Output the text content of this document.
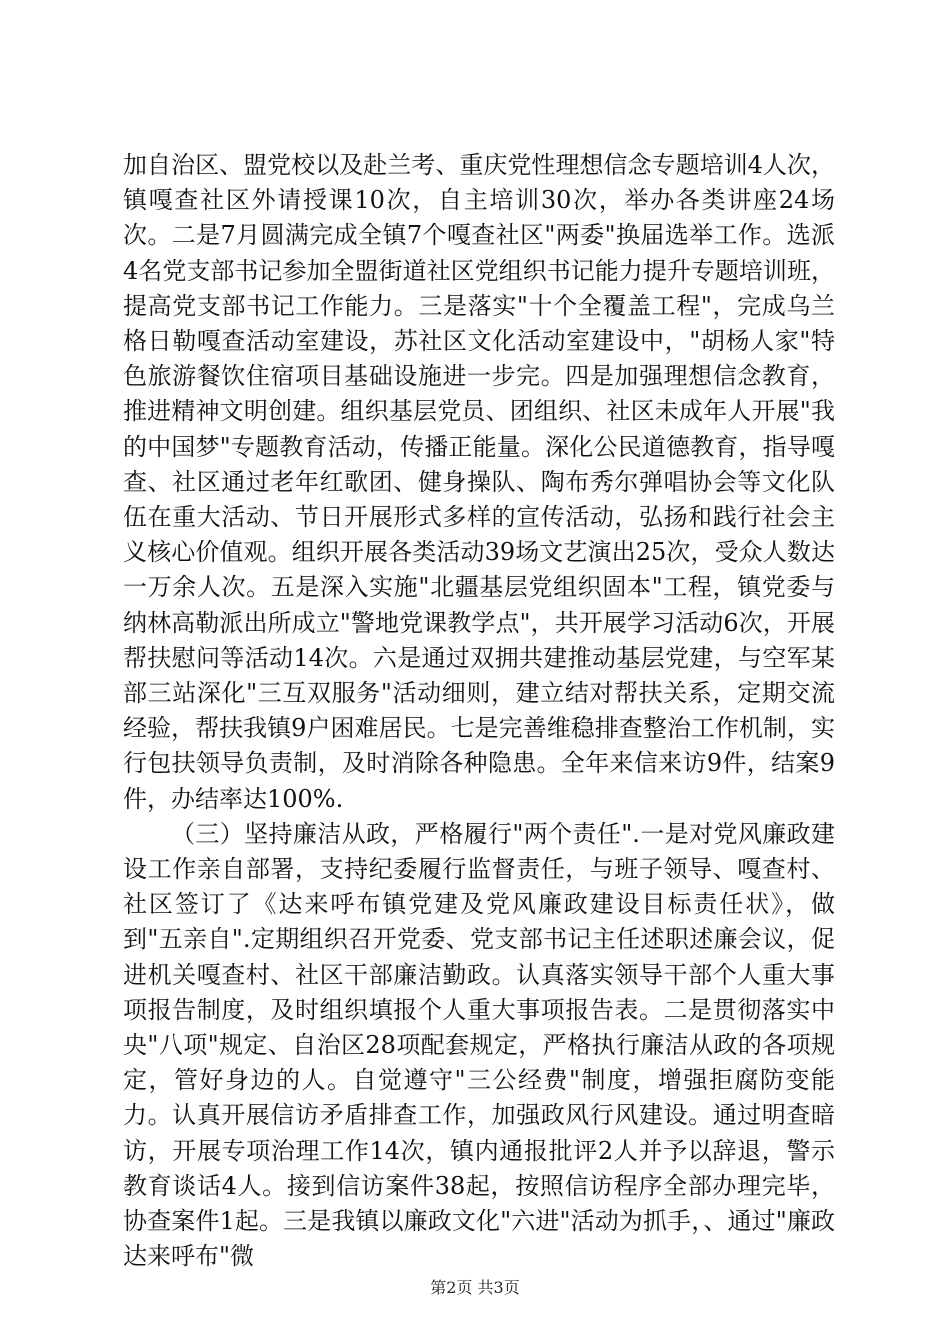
加自治区、盟党校以及赴兰考、重庆党性理想信念专题培训4人次，镇嘎查社区外请授课10次，自主培训30次，举办各类讲座24场次。二是7月圆满完成全镇7个嘎查社区"两委"换届选举工作。选派4名党支部书记参加全盟街道社区党组织书记能力提升专题培训班，提高党支部书记工作能力。三是落实"十个全覆盖工程"，完成乌兰格日勒嘎查活动室建设，苏社区文化活动室建设中，"胡杨人家"特色旅游餐饮住宿项目基础设施进一步完。四是加强理想信念教育，推进精神文明创建。组织基层党员、团组织、社区未成年人开展"我的中国梦"专题教育活动，传播正能量。深化公民道德教育，指导嘎查、社区通过老年红歌团、健身操队、陶布秀尔弹唱协会等文化队伍在重大活动、节日开展形式多样的宣传活动，弘扬和践行社会主义核心价值观。组织开展各类活动39场文艺演出25次，受众人数达一万余人次。五是深入实施"北疆基层党组织固本"工程，镇党委与纳林高勒派出所成立"警地党课教学点"，共开展学习活动6次，开展帮扶慰问等活动14次。六是通过双拥共建推动基层党建，与空军某部三站深化"三互双服务"活动细则，建立结对帮扶关系，定期交流经验，帮扶我镇9户困难居民。七是完善维稳排查整治工作机制，实行包扶领导负责制，及时消除各种隐患。全年来信来访9件，结案9件，办结率达100%.

（三）坚持廉洁从政，严格履行"两个责任".一是对党风廉政建设工作亲自部署，支持纪委履行监督责任，与班子领导、嘎查村、社区签订了《达来呼布镇党建及党风廉政建设目标责任状》，做到"五亲自".定期组织召开党委、党支部书记主任述职述廉会议，促进机关嘎查村、社区干部廉洁勤政。认真落实领导干部个人重大事项报告制度，及时组织填报个人重大事项报告表。二是贯彻落实中央"八项"规定、自治区28项配套规定，严格执行廉洁从政的各项规定，管好身边的人。自觉遵守"三公经费"制度，增强拒腐防变能力。认真开展信访矛盾排查工作，加强政风行风建设。通过明查暗访，开展专项治理工作14次，镇内通报批评2人并予以辞退，警示教育谈话4人。接到信访案件38起，按照信访程序全部办理完毕，协查案件1起。三是我镇以廉政文化"六进"活动为抓手，、通过"廉政达来呼布"微

第2页 共3页
